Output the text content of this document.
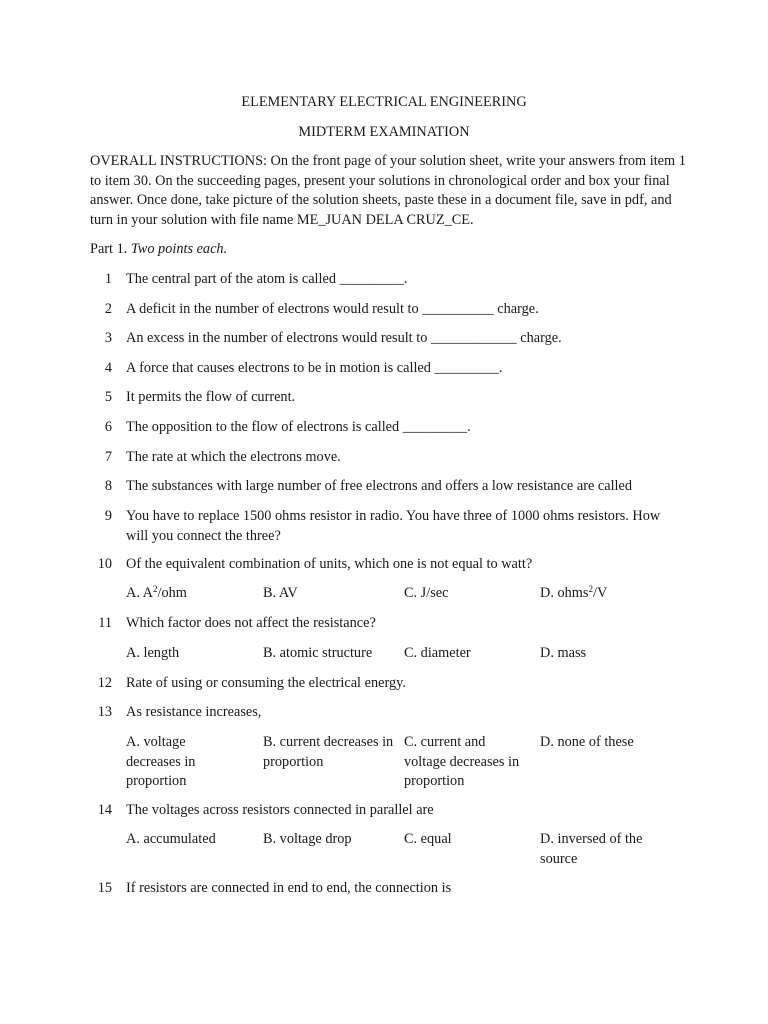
ELEMENTARY ELECTRICAL ENGINEERING
MIDTERM EXAMINATION
OVERALL INSTRUCTIONS: On the front page of your solution sheet, write your answers from item 1 to item 30. On the succeeding pages, present your solutions in chronological order and box your final answer. Once done, take picture of the solution sheets, paste these in a document file, save in pdf, and turn in your solution with file name ME_JUAN DELA CRUZ_CE.
Part 1. Two points each.
1 The central part of the atom is called _________.
2 A deficit in the number of electrons would result to __________ charge.
3 An excess in the number of electrons would result to ____________ charge.
4 A force that causes electrons to be in motion is called _________.
5 It permits the flow of current.
6 The opposition to the flow of electrons is called _________.
7 The rate at which the electrons move.
8 The substances with large number of free electrons and offers a low resistance are called
9 You have to replace 1500 ohms resistor in radio. You have three of 1000 ohms resistors. How will you connect the three?
10 Of the equivalent combination of units, which one is not equal to watt?
A. $A^2$/ohm	B. AV	C. J/sec	D. ohms$^2$/V
11 Which factor does not affect the resistance?
A. length	B. atomic structure	C. diameter	D. mass
12 Rate of using or consuming the electrical energy.
13 As resistance increases,
A. voltage decreases in proportion
B. current decreases in proportion
C. current and voltage decreases in proportion
D. none of these
14 The voltages across resistors connected in parallel are
A. accumulated	B. voltage drop	C. equal	D. inversed of the source
15 If resistors are connected in end to end, the connection is
